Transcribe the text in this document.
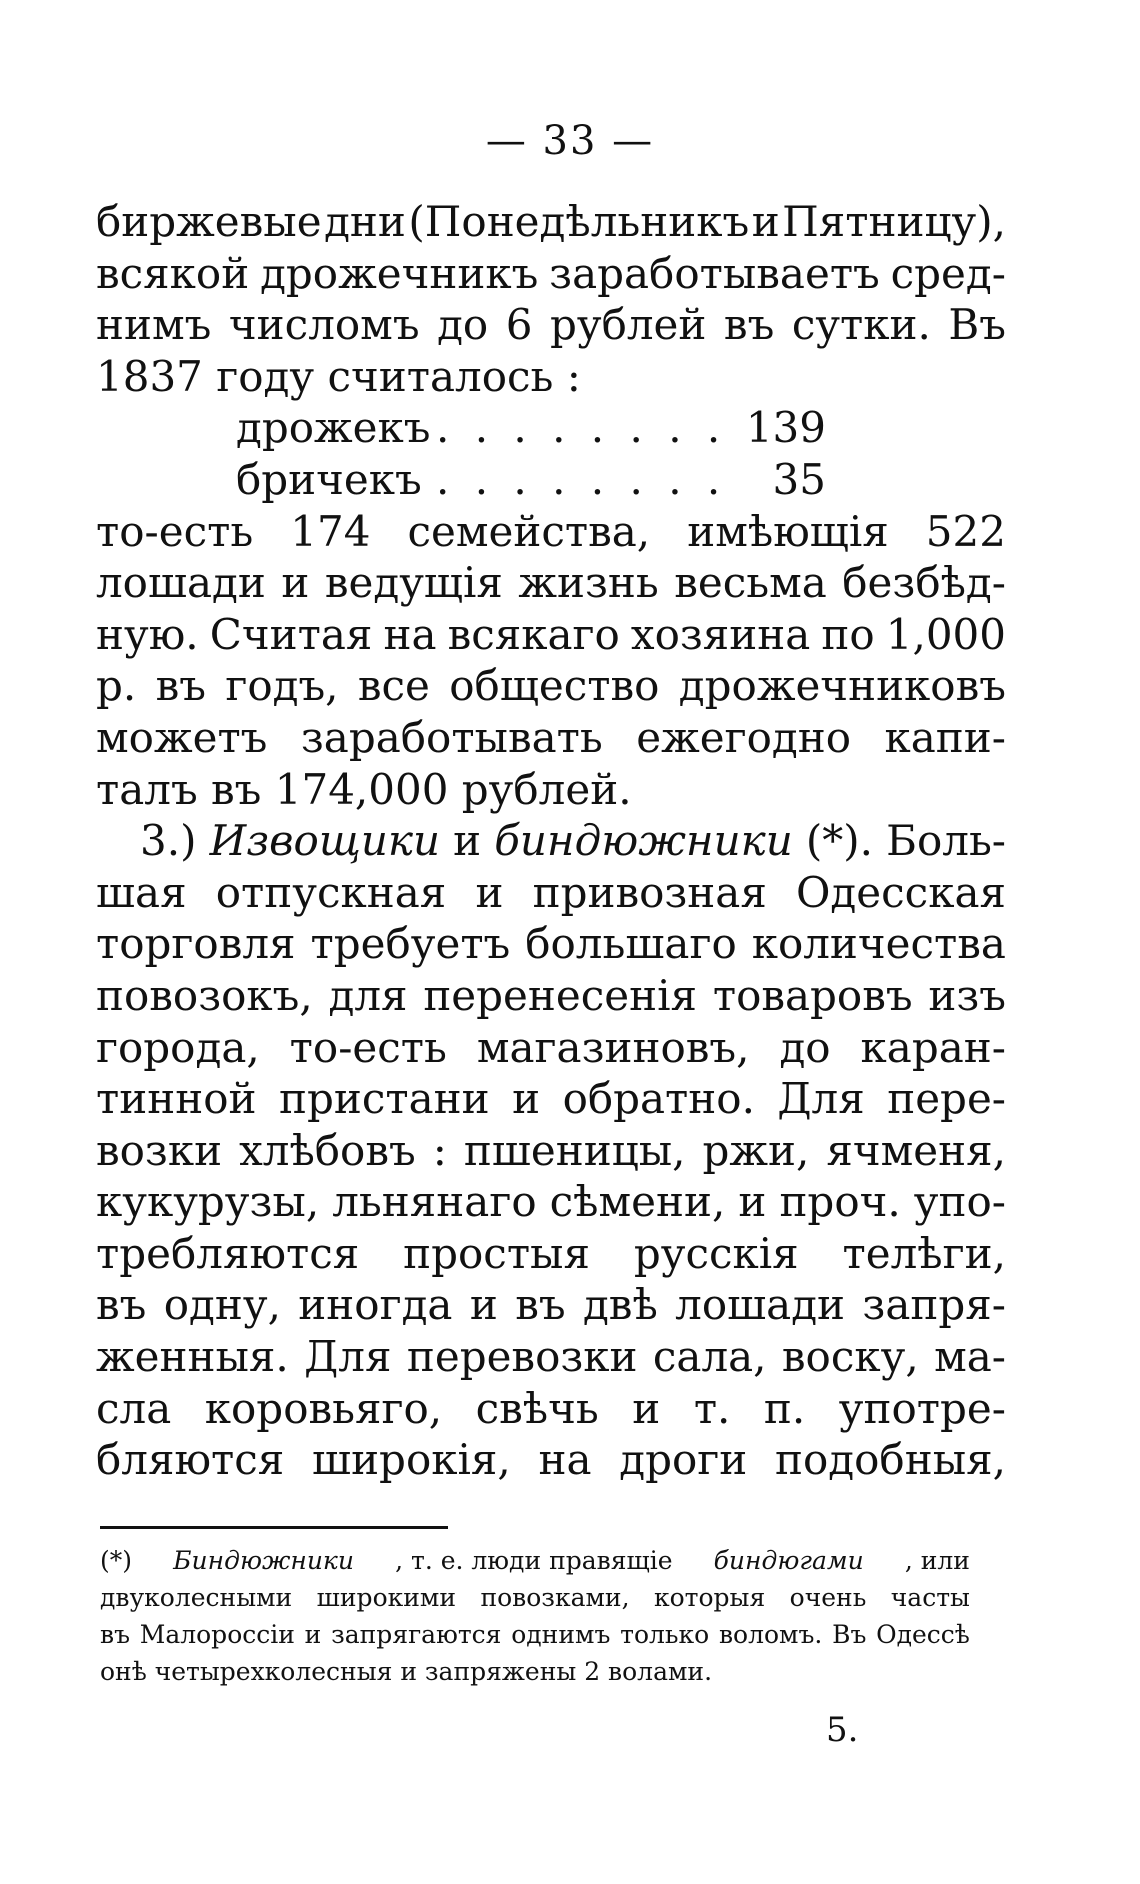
— 33 —
биржевые дни (Понедѣльникъ и Пятницу),
всякой дрожечникъ заработываетъ сред-
нимъ числомъ до 6 рублей въ сутки. Въ
1837 году считалось :
дрожекъ . . . . . . . . 139
бричекъ . . . . . . . .	35
то-есть 174 семейства, имѣющія 522
лошади и ведущія жизнь весьма безбѣд-
ную. Считая на всякаго хозяина по 1,000
р. въ годъ, все общество дрожечниковъ
можетъ заработывать ежегодно капи-
талъ въ 174,000 рублей.
3.) Извощики и биндюжники (*). Боль-
шая отпускная и привозная Одесская
торговля требуетъ большаго количества
повозокъ, для перенесенія товаровъ изъ
города, то-есть магазиновъ, до каран-
тинной пристани и обратно. Для пере-
возки хлѣбовъ : пшеницы, ржи, ячменя,
кукурузы, льнянаго сѣмени, и проч. упо-
требляются простыя русскія телѣги,
въ одну, иногда и въ двѣ лошади запря-
женныя. Для перевозки сала, воску, ма-
сла коровьяго, свѣчь и т. п. употре-
бляются широкія, на дроги подобныя,
(*) Биндюжники , т. е. люди правящіе биндюгами , или
двуколесными широкими повозками, которыя очень часты
въ Малороссіи и запрягаются однимъ только воломъ. Въ Одессѣ
онѣ четырехколесныя и запряжены 2 волами.
5.
